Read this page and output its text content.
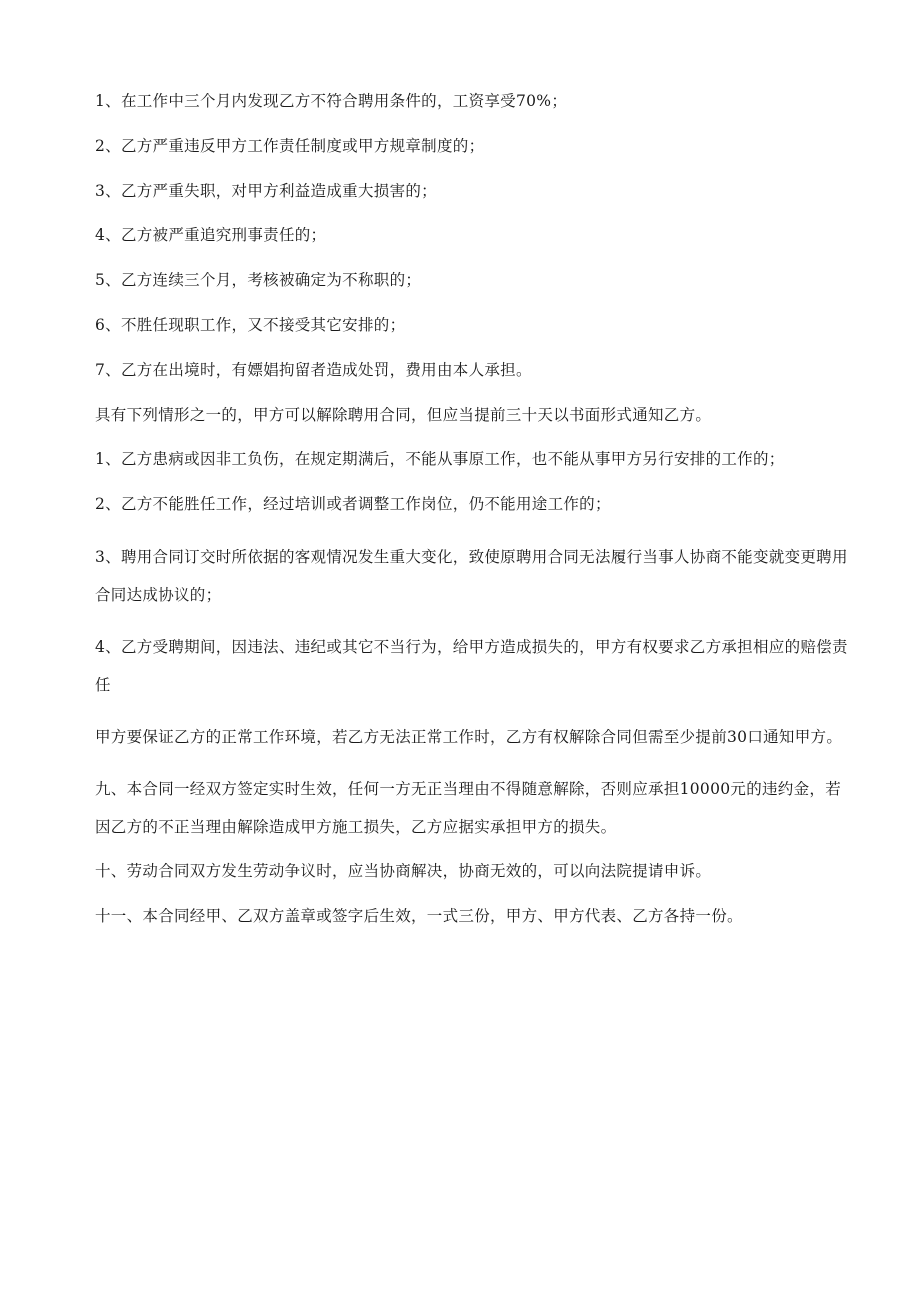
1、在工作中三个月内发现乙方不符合聘用条件的，工资享受70%；

2、乙方严重违反甲方工作责任制度或甲方规章制度的；

3、乙方严重失职，对甲方利益造成重大损害的；

4、乙方被严重追究刑事责任的；

5、乙方连续三个月，考核被确定为不称职的；

6、不胜任现职工作，又不接受其它安排的；

7、乙方在出境时，有嫖娼拘留者造成处罚，费用由本人承担。

具有下列情形之一的，甲方可以解除聘用合同，但应当提前三十天以书面形式通知乙方。

1、乙方患病或因非工负伤，在规定期满后，不能从事原工作，也不能从事甲方另行安排的工作的；

2、乙方不能胜任工作，经过培训或者调整工作岗位，仍不能用途工作的；

3、聘用合同订交时所依据的客观情况发生重大变化，致使原聘用合同无法履行当事人协商不能变就变更聘用合同达成协议的；

4、乙方受聘期间，因违法、违纪或其它不当行为，给甲方造成损失的，甲方有权要求乙方承担相应的赔偿责任

甲方要保证乙方的正常工作环境，若乙方无法正常工作时，乙方有权解除合同但需至少提前30口通知甲方。

九、本合同一经双方签定实时生效，任何一方无正当理由不得随意解除，否则应承担10000元的违约金，若因乙方的不正当理由解除造成甲方施工损失，乙方应据实承担甲方的损失。

十、劳动合同双方发生劳动争议时，应当协商解决，协商无效的，可以向法院提请申诉。

十一、本合同经甲、乙双方盖章或签字后生效，一式三份，甲方、甲方代表、乙方各持一份。
